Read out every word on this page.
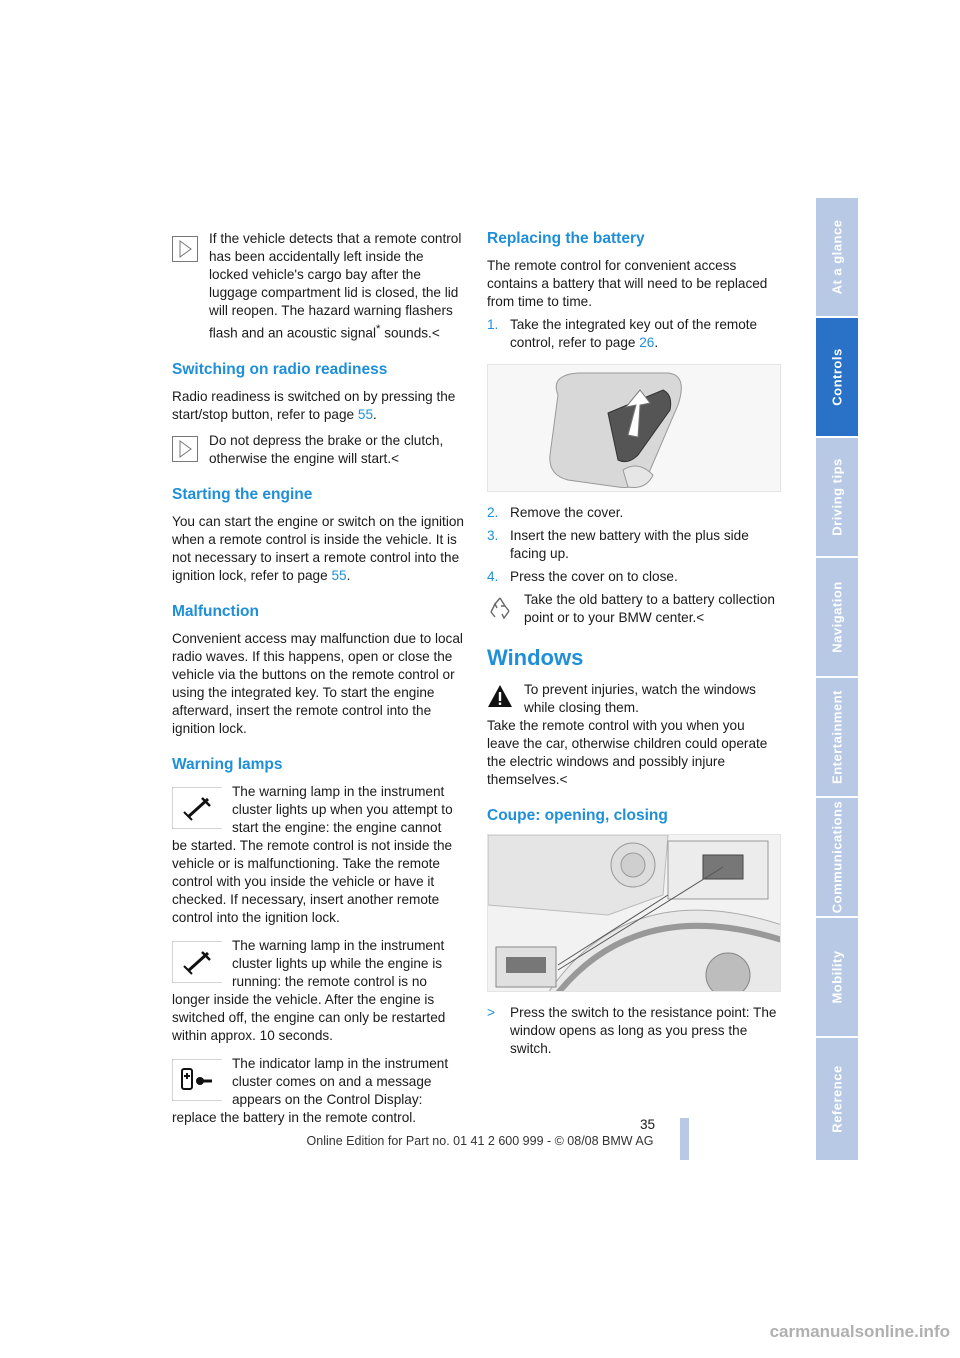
If the vehicle detects that a remote control has been accidentally left inside the locked vehicle's cargo bay after the luggage compartment lid is closed, the lid will reopen. The hazard warning flashers flash and an acoustic signal* sounds.<

Switching on radio readiness

Radio readiness is switched on by pressing the start/stop button, refer to page 55.

Do not depress the brake or the clutch, otherwise the engine will start.<

Starting the engine

You can start the engine or switch on the ignition when a remote control is inside the vehicle. It is not necessary to insert a remote control into the ignition lock, refer to page 55.

Malfunction

Convenient access may malfunction due to local radio waves. If this happens, open or close the vehicle via the buttons on the remote control or using the integrated key. To start the engine afterward, insert the remote control into the ignition lock.

Warning lamps

The warning lamp in the instrument cluster lights up when you attempt to start the engine: the engine cannot

be started. The remote control is not inside the vehicle or is malfunctioning. Take the remote control with you inside the vehicle or have it checked. If necessary, insert another remote control into the ignition lock.

The warning lamp in the instrument cluster lights up while the engine is running: the remote control is no

longer inside the vehicle. After the engine is switched off, the engine can only be restarted within approx. 10 seconds.

The indicator lamp in the instrument cluster comes on and a message appears on the Control Display:

replace the battery in the remote control.

Replacing the battery

The remote control for convenient access contains a battery that will need to be replaced from time to time.

1. Take the integrated key out of the remote control, refer to page 26.
2. Remove the cover.
3. Insert the new battery with the plus side facing up.
4. Press the cover on to close.

Take the old battery to a battery collection point or to your BMW center.<

Windows

To prevent injuries, watch the windows while closing them.

Take the remote control with you when you leave the car, otherwise children could operate the electric windows and possibly injure themselves.<

Coupe: opening, closing
> Press the switch to the resistance point: The window opens as long as you press the switch.

At a glance
Controls
Driving tips
Navigation
Entertainment
Communications
Mobility
Reference
35
Online Edition for Part no. 01 41 2 600 999 - © 08/08 BMW AG
carmanualsonline.info
